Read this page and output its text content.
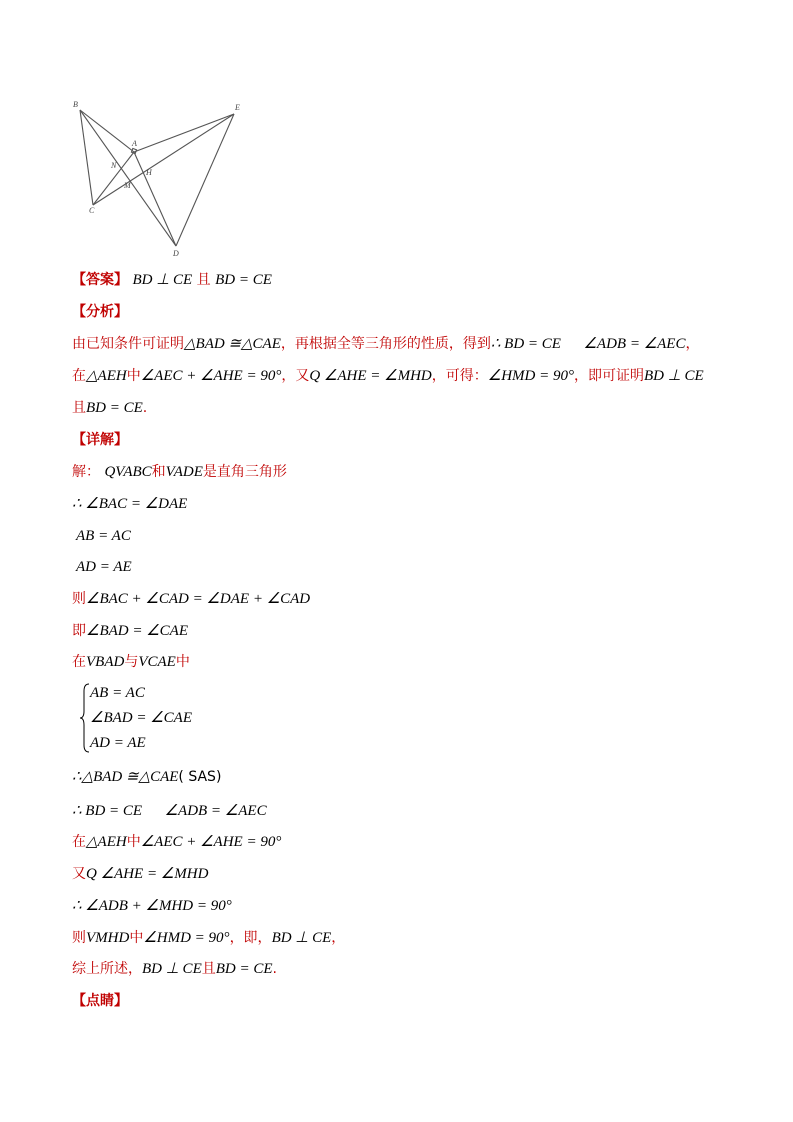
B	E
A
N
H
M
C
D
【答案】 BD ⊥ CE 且 BD = CE
【分析】
由已知条件可证明△BAD ≅△CAE，再根据全等三角形的性质，得到∴ BD = CE      ∠ADB = ∠AEC，
在△AEH中∠AEC + ∠AHE = 90°，又Q ∠AHE = ∠MHD，可得：∠HMD = 90°，即可证明BD ⊥ CE
且BD = CE.
【详解】
解： QVABC和VADE是直角三角形
∴ ∠BAC = ∠DAE
AB = AC
AD = AE
则∠BAC + ∠CAD = ∠DAE + ∠CAD
即∠BAD = ∠CAE
在VBAD与VCAE中
AB = AC
∠BAD = ∠CAE
AD = AE
∴△BAD ≅△CAE( SAS)
∴ BD = CE      ∠ADB = ∠AEC
在△AEH中∠AEC + ∠AHE = 90°
又Q ∠AHE = ∠MHD
∴ ∠ADB + ∠MHD = 90°
则VMHD中∠HMD = 90°，即，BD ⊥ CE，
综上所述，BD ⊥ CE且BD = CE.
【点睛】
